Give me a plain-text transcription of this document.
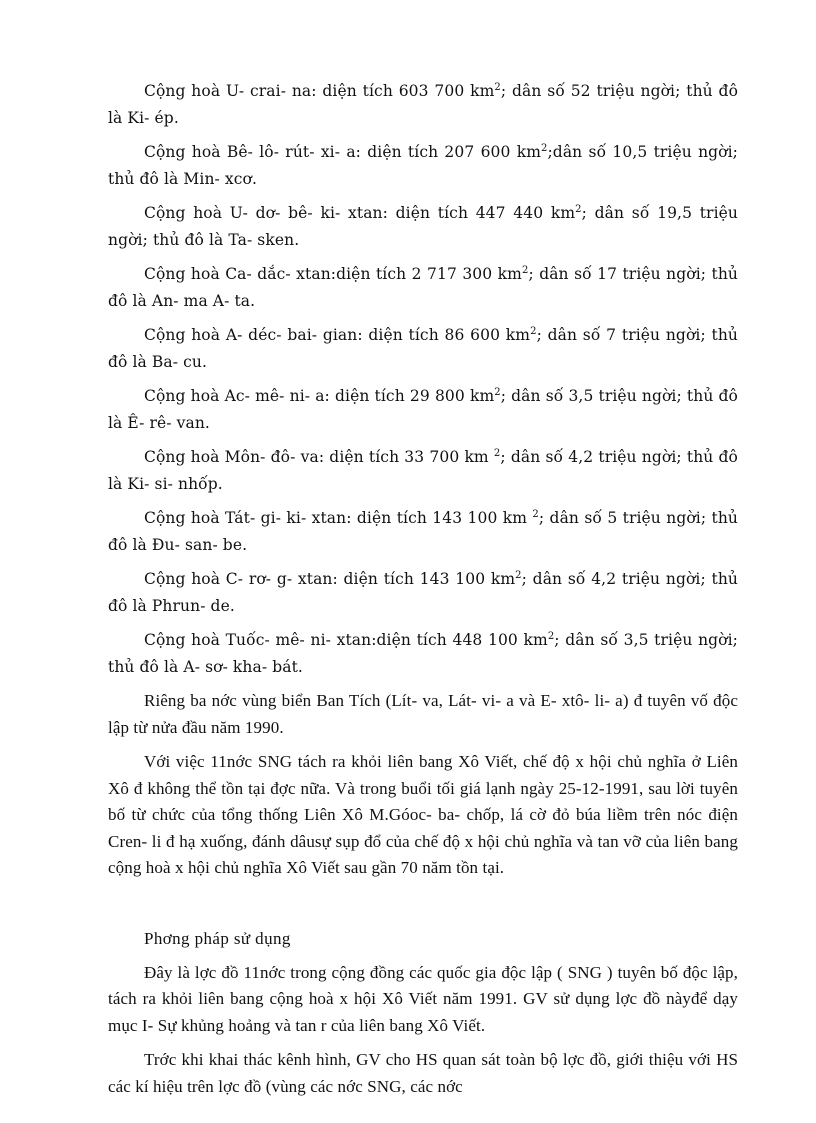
Cộng hoà U- crai- na: diện tích 603 700 $km^2$; dân số 52 triệu ngời; thủ đô là Ki- ép.

Cộng hoà Bê- lô- rút- xi- a: diện tích 207 600 $km^2;dân$ số 10,5 triệu ngời; thủ đô là Min- xcơ.

Cộng hoà U- dơ- bê- ki- xtan: diện tích 447 440 $km^2$; dân số 19,5 triệu ngời; thủ đô là Ta- sken.

Cộng hoà Ca- dắc- xtan:diện tích 2 717 300 $km^2$; dân số 17 triệu ngời; thủ đô là An- ma A- ta.

Cộng hoà A- déc- bai- gian: diện tích 86 600 $km^2$; dân số 7 triệu ngời; thủ đô là Ba- cu.

Cộng hoà Ac- mê- ni- a: diện tích 29 800 $km^2$; dân số 3,5 triệu ngời; thủ đô là Ê- rê- van.

Cộng hoà Môn- đô- va: diện tích 33 700 km $^2$; dân số 4,2 triệu ngời; thủ đô là Ki- si- nhốp.

Cộng hoà Tát- gi- ki- xtan: diện tích 143 100 km $^2$; dân số 5 triệu ngời; thủ đô là Đu- san- be.

Cộng hoà C- rơ- g- xtan: diện tích 143 100 $km^2$; dân số 4,2 triệu ngời; thủ đô là Phrun- de.

Cộng hoà Tuốc- mê- ni- xtan:diện tích 448 100 $km^2$; dân số 3,5 triệu ngời; thủ đô là A- sơ- kha- bát.

Riêng ba nớc vùng biển Ban Tích (Lít- va, Lát- vi- a và E- xtô- li- a) đ tuyên vố độc lập từ nửa đầu năm 1990.

Với việc 11nớc SNG tách ra khỏi liên bang Xô Viết, chế độ x hội chủ nghĩa ở Liên Xô đ không thể tồn tại đợc nữa. Và trong buổi tối giá lạnh ngày 25-12-1991, sau lời tuyên bố từ chức của tổng thống Liên Xô M.Góoc- ba- chốp, lá cờ đỏ búa liềm trên nóc điện Cren- li đ hạ xuống, đánh dâusự sụp đổ của chế độ x hội chủ nghĩa và tan vỡ của liên bang cộng hoà x hội chủ nghĩa Xô Viết sau gần 70 năm tồn tại.

Phơng pháp sử dụng

Đây là lợc đồ 11nớc trong cộng đồng các quốc gia độc lập ( SNG ) tuyên bố độc lập, tách ra khỏi liên bang cộng hoà x hội Xô Viết năm 1991. GV sử dụng lợc đồ nàyđể dạy mục I- Sự khủng hoảng và tan r của liên bang Xô Viết.

Trớc khi khai thác kênh hình, GV cho HS quan sát toàn bộ lợc đồ, giới thiệu với HS các kí hiệu trên lợc đồ (vùng các nớc SNG, các nớc
